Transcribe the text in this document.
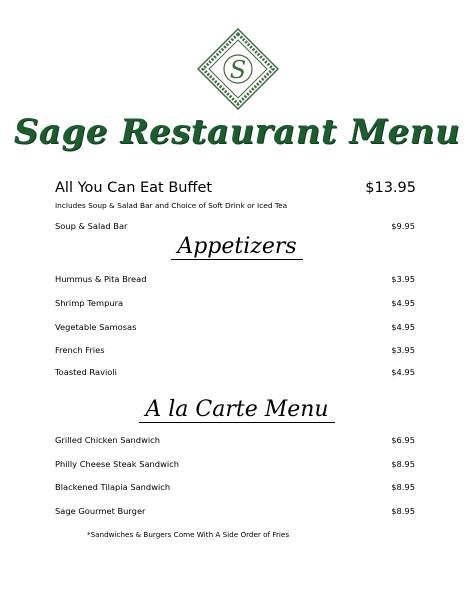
S
Sage Restaurant Menu
All You Can Eat Buffet	$13.95
Includes Soup & Salad Bar and Choice of Soft Drink or Iced Tea
Soup & Salad Bar	$9.95
Appetizers
Hummus & Pita Bread	$3.95
Shrimp Tempura	$4.95
Vegetable Samosas	$4.95
French Fries	$3.95
Toasted Ravioli	$4.95
A la Carte Menu
Grilled Chicken Sandwich	$6.95
Philly Cheese Steak Sandwich	$8.95
Blackened Tilapia Sandwich	$8.95
Sage Gourmet Burger	$8.95
*Sandwiches & Burgers Come With A Side Order of Fries
